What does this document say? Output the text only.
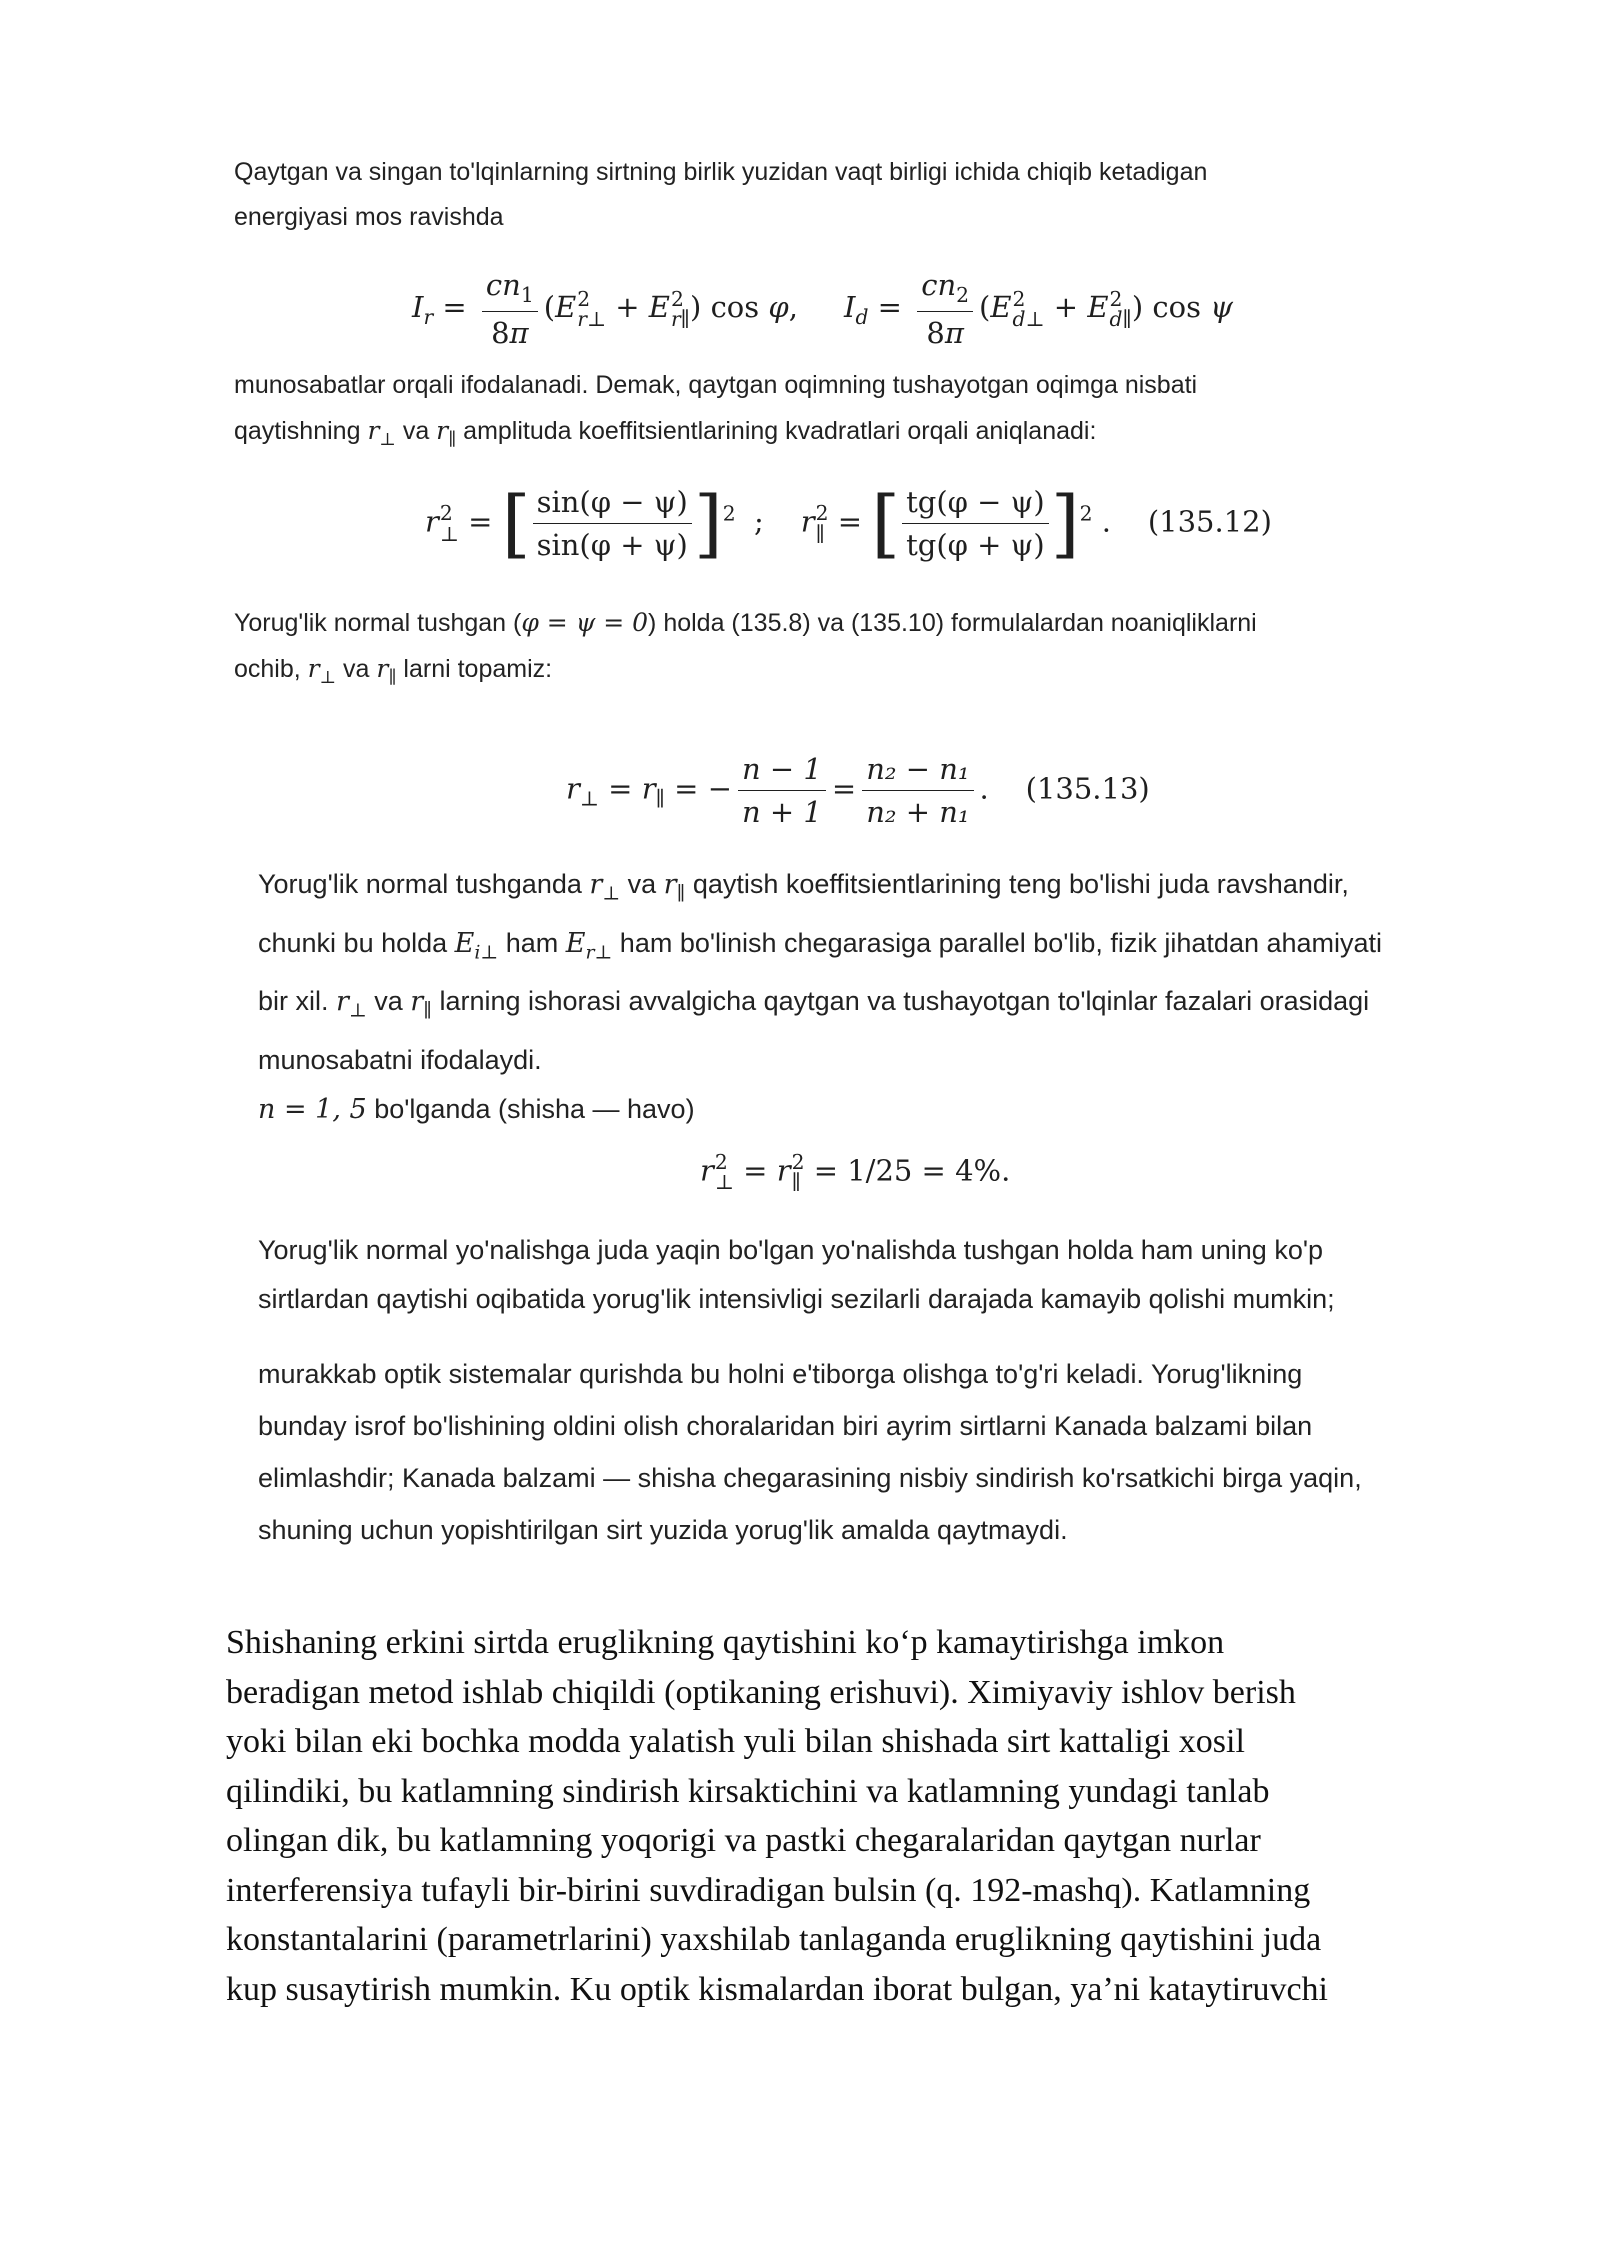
Qaytgan va singan to'lqinlarning sirtning birlik yuzidan vaqt birligi ichida chiqib ketadigan
energiyasi mos ravishda
$I_r = \frac{cn_1}{8\pi} (E$ 2
r⊥ + E 2
r∥ ) cos φ,     $I_d = \frac{cn_2}{8\pi} (E$ 2
d⊥ + E 2
d∥ ) cos ψ
munosabatlar orqali ifodalanadi. Demak, qaytgan oqimning tushayotgan oqimga nisbati
qaytishning $r_\perp$ va $r_\parallel$ amplituda koeffitsientlarining kvadratlari orqali aniqlanadi:
r 2
⊥ = [ $\frac{\sin(\varphi - \psi)}{\sin(\varphi + \psi)} ]^2$  ;    r 2
∥ = [ $\frac{tg(\varphi - \psi)}{tg(\varphi + \psi)} ]^2$ .    (135.12)
Yorug'lik normal tushgan (φ = ψ = 0) holda (135.8) va (135.10) formulalardan noaniqliklarni
ochib, $r_\perp$ va $r_\parallel$ larni topamiz:
$r_\perp = r_\parallel$ = − $\frac{n - 1}{n + 1} = \frac{\text{n₂ − n₁}}{\text{n₂ + n₁}}$ .    (135.13)
Yorug'lik normal tushganda $r_\perp$ va $r_\parallel$ qaytish koeffitsientlarining teng bo'lishi juda ravshandir,
chunki bu holda $E_{i\perp}$ ham $E_{r\perp}$ ham bo'linish chegarasiga parallel bo'lib, fizik jihatdan ahamiyati
bir xil. $r_\perp$ va $r_\parallel$ larning ishorasi avvalgicha qaytgan va tushayotgan to'lqinlar fazalari orasidagi
munosabatni ifodalaydi.
n = 1, 5 bo'lganda (shisha — havo)
r 2
⊥ = r 2
∥ = 1/25 = 4%.
Yorug'lik normal yo'nalishga juda yaqin bo'lgan yo'nalishda tushgan holda ham uning ko'p
sirtlardan qaytishi oqibatida yorug'lik intensivligi sezilarli darajada kamayib qolishi mumkin;
murakkab optik sistemalar qurishda bu holni e'tiborga olishga to'g'ri keladi. Yorug'likning
bunday isrof bo'lishining oldini olish choralaridan biri ayrim sirtlarni Kanada balzami bilan
elimlashdir; Kanada balzami — shisha chegarasining nisbiy sindirish ko'rsatkichi birga yaqin,
shuning uchun yopishtirilgan sirt yuzida yorug'lik amalda qaytmaydi.
Shishaning erkini sirtda eruglikning qaytishini ko‘p kamaytirishga imkon
beradigan metod ishlab chiqildi (optikaning erishuvi). Ximiyaviy ishlov berish
yoki bilan eki bochka modda yalatish yuli bilan shishada sirt kattaligi xosil
qilindiki, bu katlamning sindirish kirsaktichini va katlamning yundagi tanlab
olingan dik, bu katlamning yoqorigi va pastki chegaralaridan qaytgan nurlar
interferensiya tufayli bir-birini suvdiradigan bulsin (q. 192-mashq). Katlamning
konstantalarini (parametrlarini) yaxshilab tanlaganda eruglikning qaytishini juda
kup susaytirish mumkin. Ku optik kismalardan iborat bulgan, ya’ni kataytiruvchi
